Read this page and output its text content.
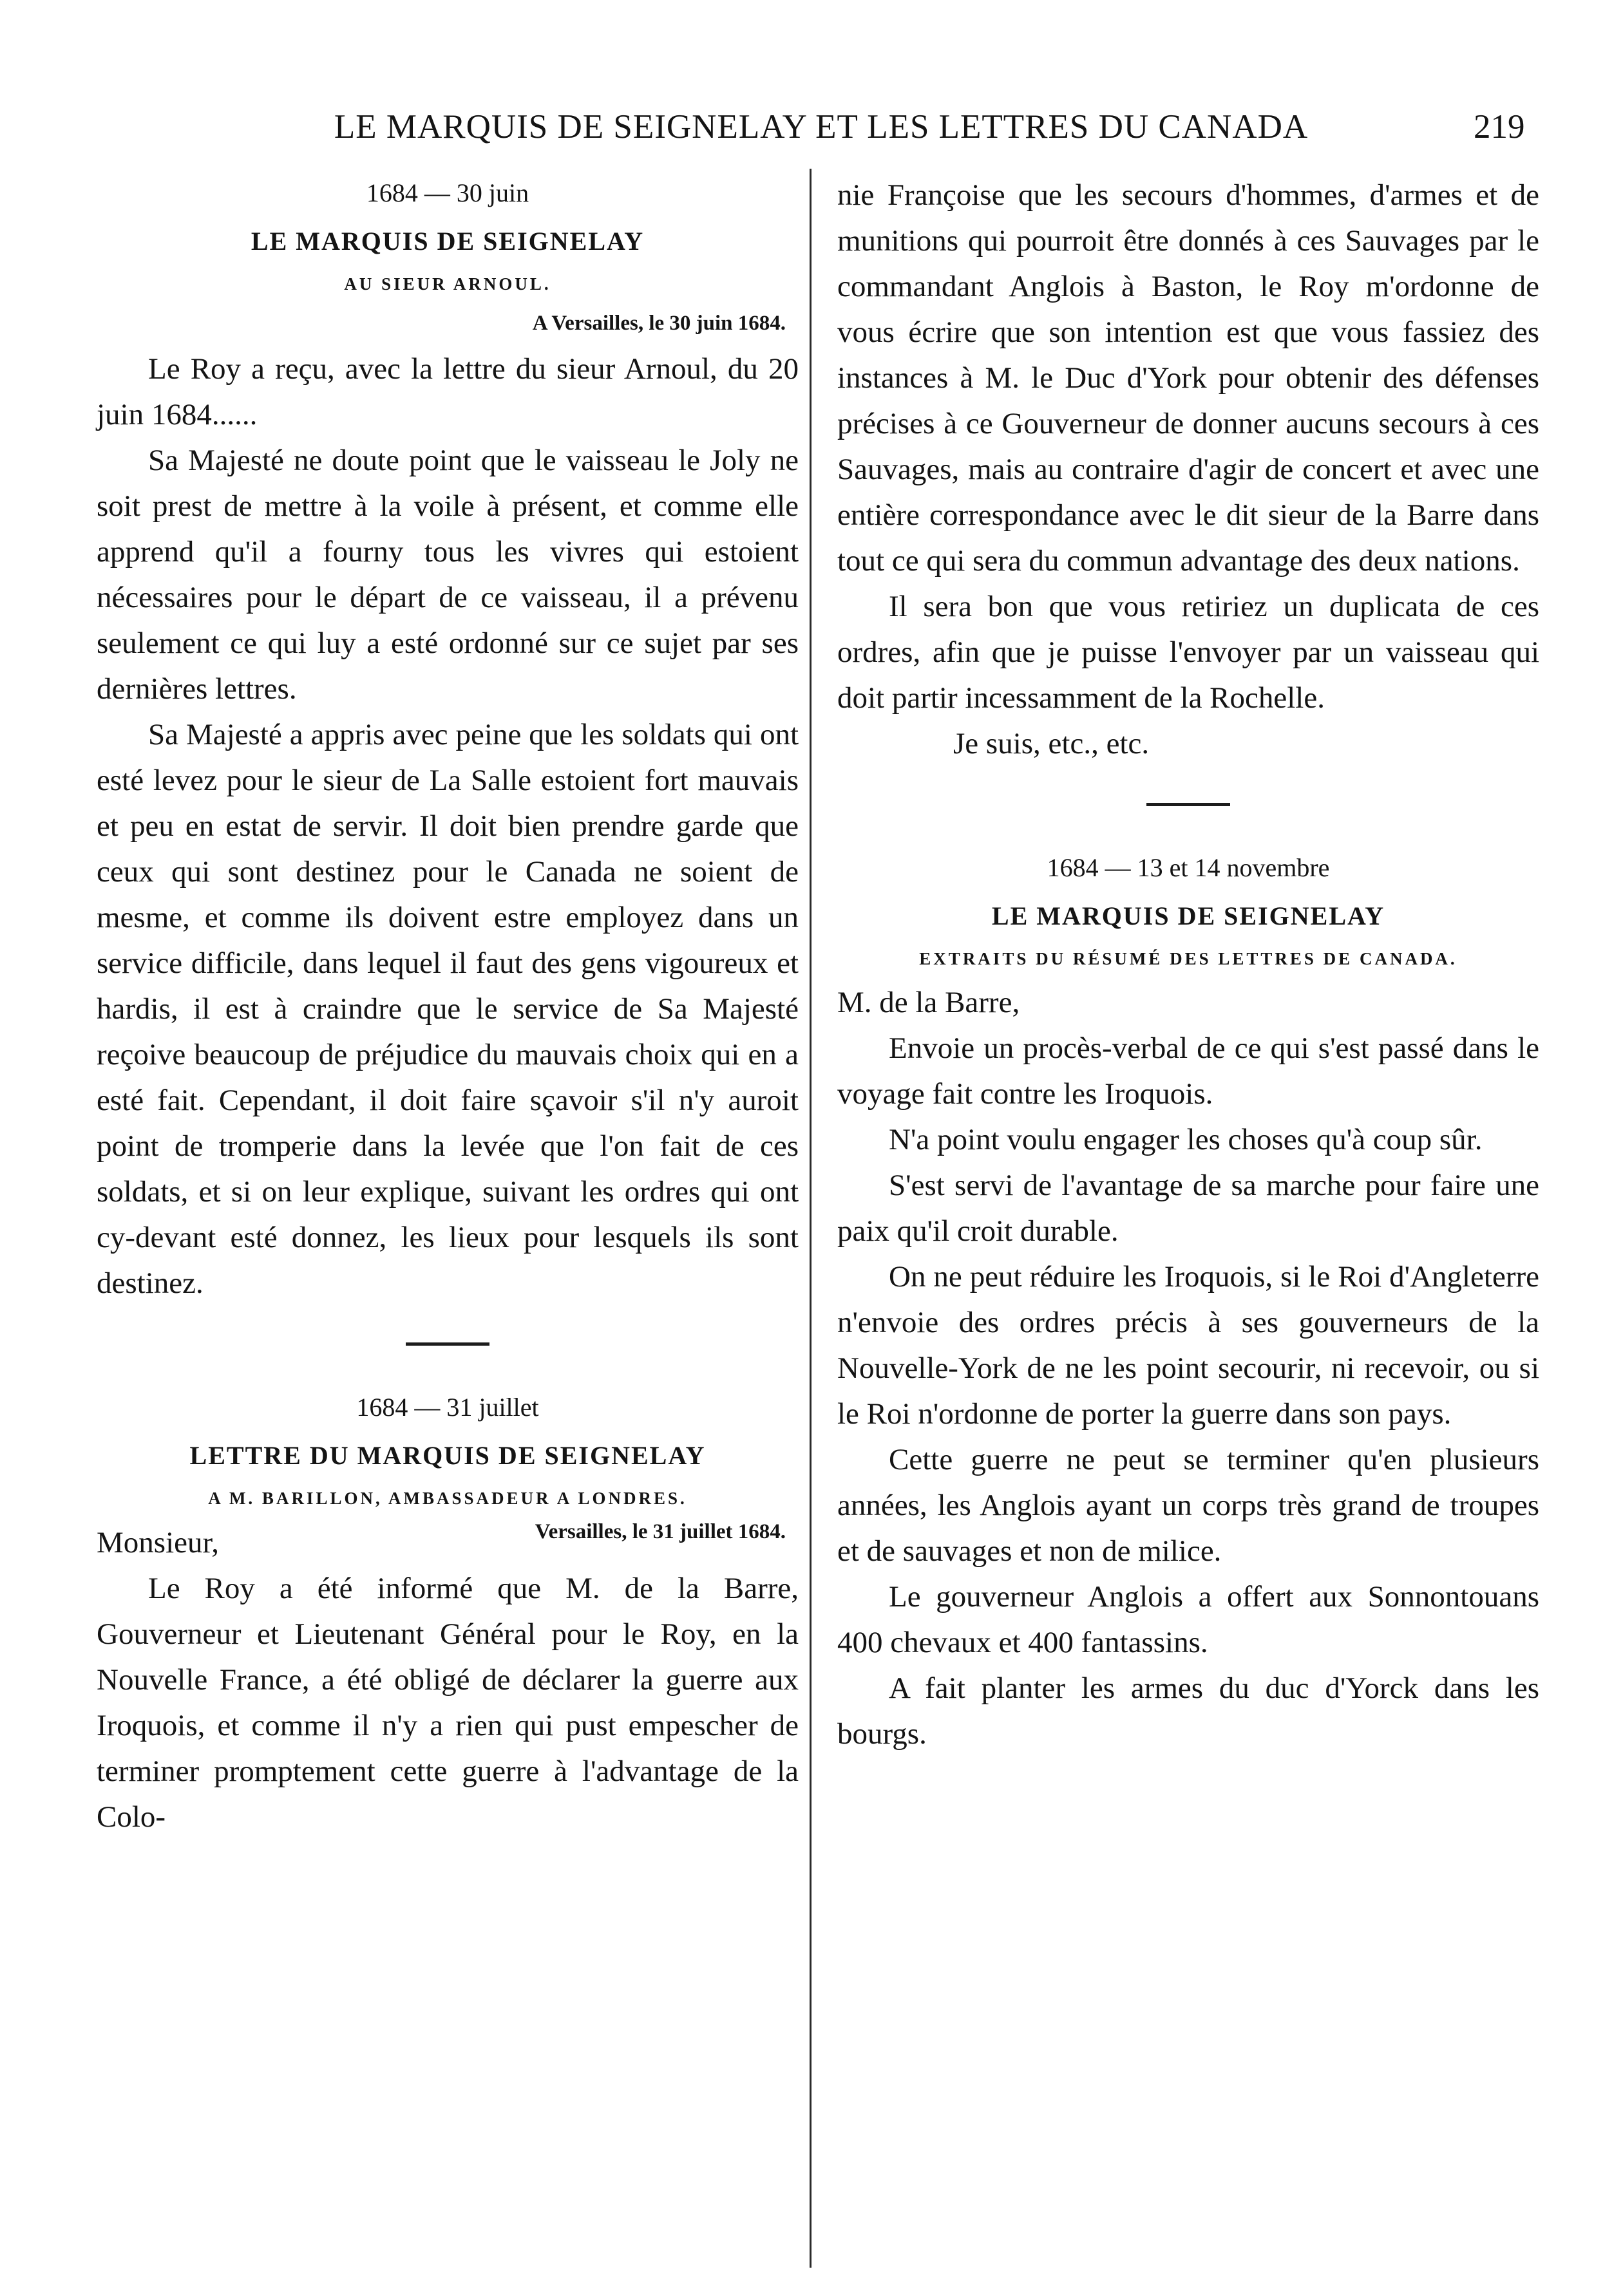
LE MARQUIS DE SEIGNELAY ET LES LETTRES DU CANADA	219

1684 — 30 juin

LE MARQUIS DE SEIGNELAY

AU SIEUR ARNOUL.

A Versailles, le 30 juin 1684.

Le Roy a reçu, avec la lettre du sieur Arnoul, du 20 juin 1684......

Sa Majesté ne doute point que le vaisseau le Joly ne soit prest de mettre à la voile à présent, et comme elle apprend qu'il a fourny tous les vivres qui estoient nécessaires pour le départ de ce vaisseau, il a prévenu seulement ce qui luy a esté ordonné sur ce sujet par ses dernières lettres.

Sa Majesté a appris avec peine que les soldats qui ont esté levez pour le sieur de La Salle estoient fort mauvais et peu en estat de servir. Il doit bien prendre garde que ceux qui sont destinez pour le Canada ne soient de mesme, et comme ils doivent estre employez dans un service difficile, dans lequel il faut des gens vigoureux et hardis, il est à craindre que le service de Sa Majesté reçoive beaucoup de préjudice du mauvais choix qui en a esté fait. Cependant, il doit faire sçavoir s'il n'y auroit point de tromperie dans la levée que l'on fait de ces soldats, et si on leur explique, suivant les ordres qui ont cy-devant esté donnez, les lieux pour lesquels ils sont destinez.

1684 — 31 juillet

LETTRE DU MARQUIS DE SEIGNELAY

A M. BARILLON, AMBASSADEUR A LONDRES.

Monsieur,	Versailles, le 31 juillet 1684.

Le Roy a été informé que M. de la Barre, Gouverneur et Lieutenant Général pour le Roy, en la Nouvelle France, a été obligé de déclarer la guerre aux Iroquois, et comme il n'y a rien qui pust empescher de terminer promptement cette guerre à l'advantage de la Colo-

nie Françoise que les secours d'hommes, d'armes et de munitions qui pourroit être donnés à ces Sauvages par le commandant Anglois à Baston, le Roy m'ordonne de vous écrire que son intention est que vous fassiez des instances à M. le Duc d'York pour obtenir des défenses précises à ce Gouverneur de donner aucuns secours à ces Sauvages, mais au contraire d'agir de concert et avec une entière correspondance avec le dit sieur de la Barre dans tout ce qui sera du commun advantage des deux nations.

Il sera bon que vous retiriez un duplicata de ces ordres, afin que je puisse l'envoyer par un vaisseau qui doit partir incessamment de la Rochelle.

Je suis, etc., etc.

1684 — 13 et 14 novembre

LE MARQUIS DE SEIGNELAY

EXTRAITS DU RÉSUMÉ DES LETTRES DE CANADA.

M. de la Barre,

Envoie un procès-verbal de ce qui s'est passé dans le voyage fait contre les Iroquois.

N'a point voulu engager les choses qu'à coup sûr.

S'est servi de l'avantage de sa marche pour faire une paix qu'il croit durable.

On ne peut réduire les Iroquois, si le Roi d'Angleterre n'envoie des ordres précis à ses gouverneurs de la Nouvelle-York de ne les point secourir, ni recevoir, ou si le Roi n'ordonne de porter la guerre dans son pays.

Cette guerre ne peut se terminer qu'en plusieurs années, les Anglois ayant un corps très grand de troupes et de sauvages et non de milice.

Le gouverneur Anglois a offert aux Sonnontouans 400 chevaux et 400 fantassins.

A fait planter les armes du duc d'Yorck dans les bourgs.
